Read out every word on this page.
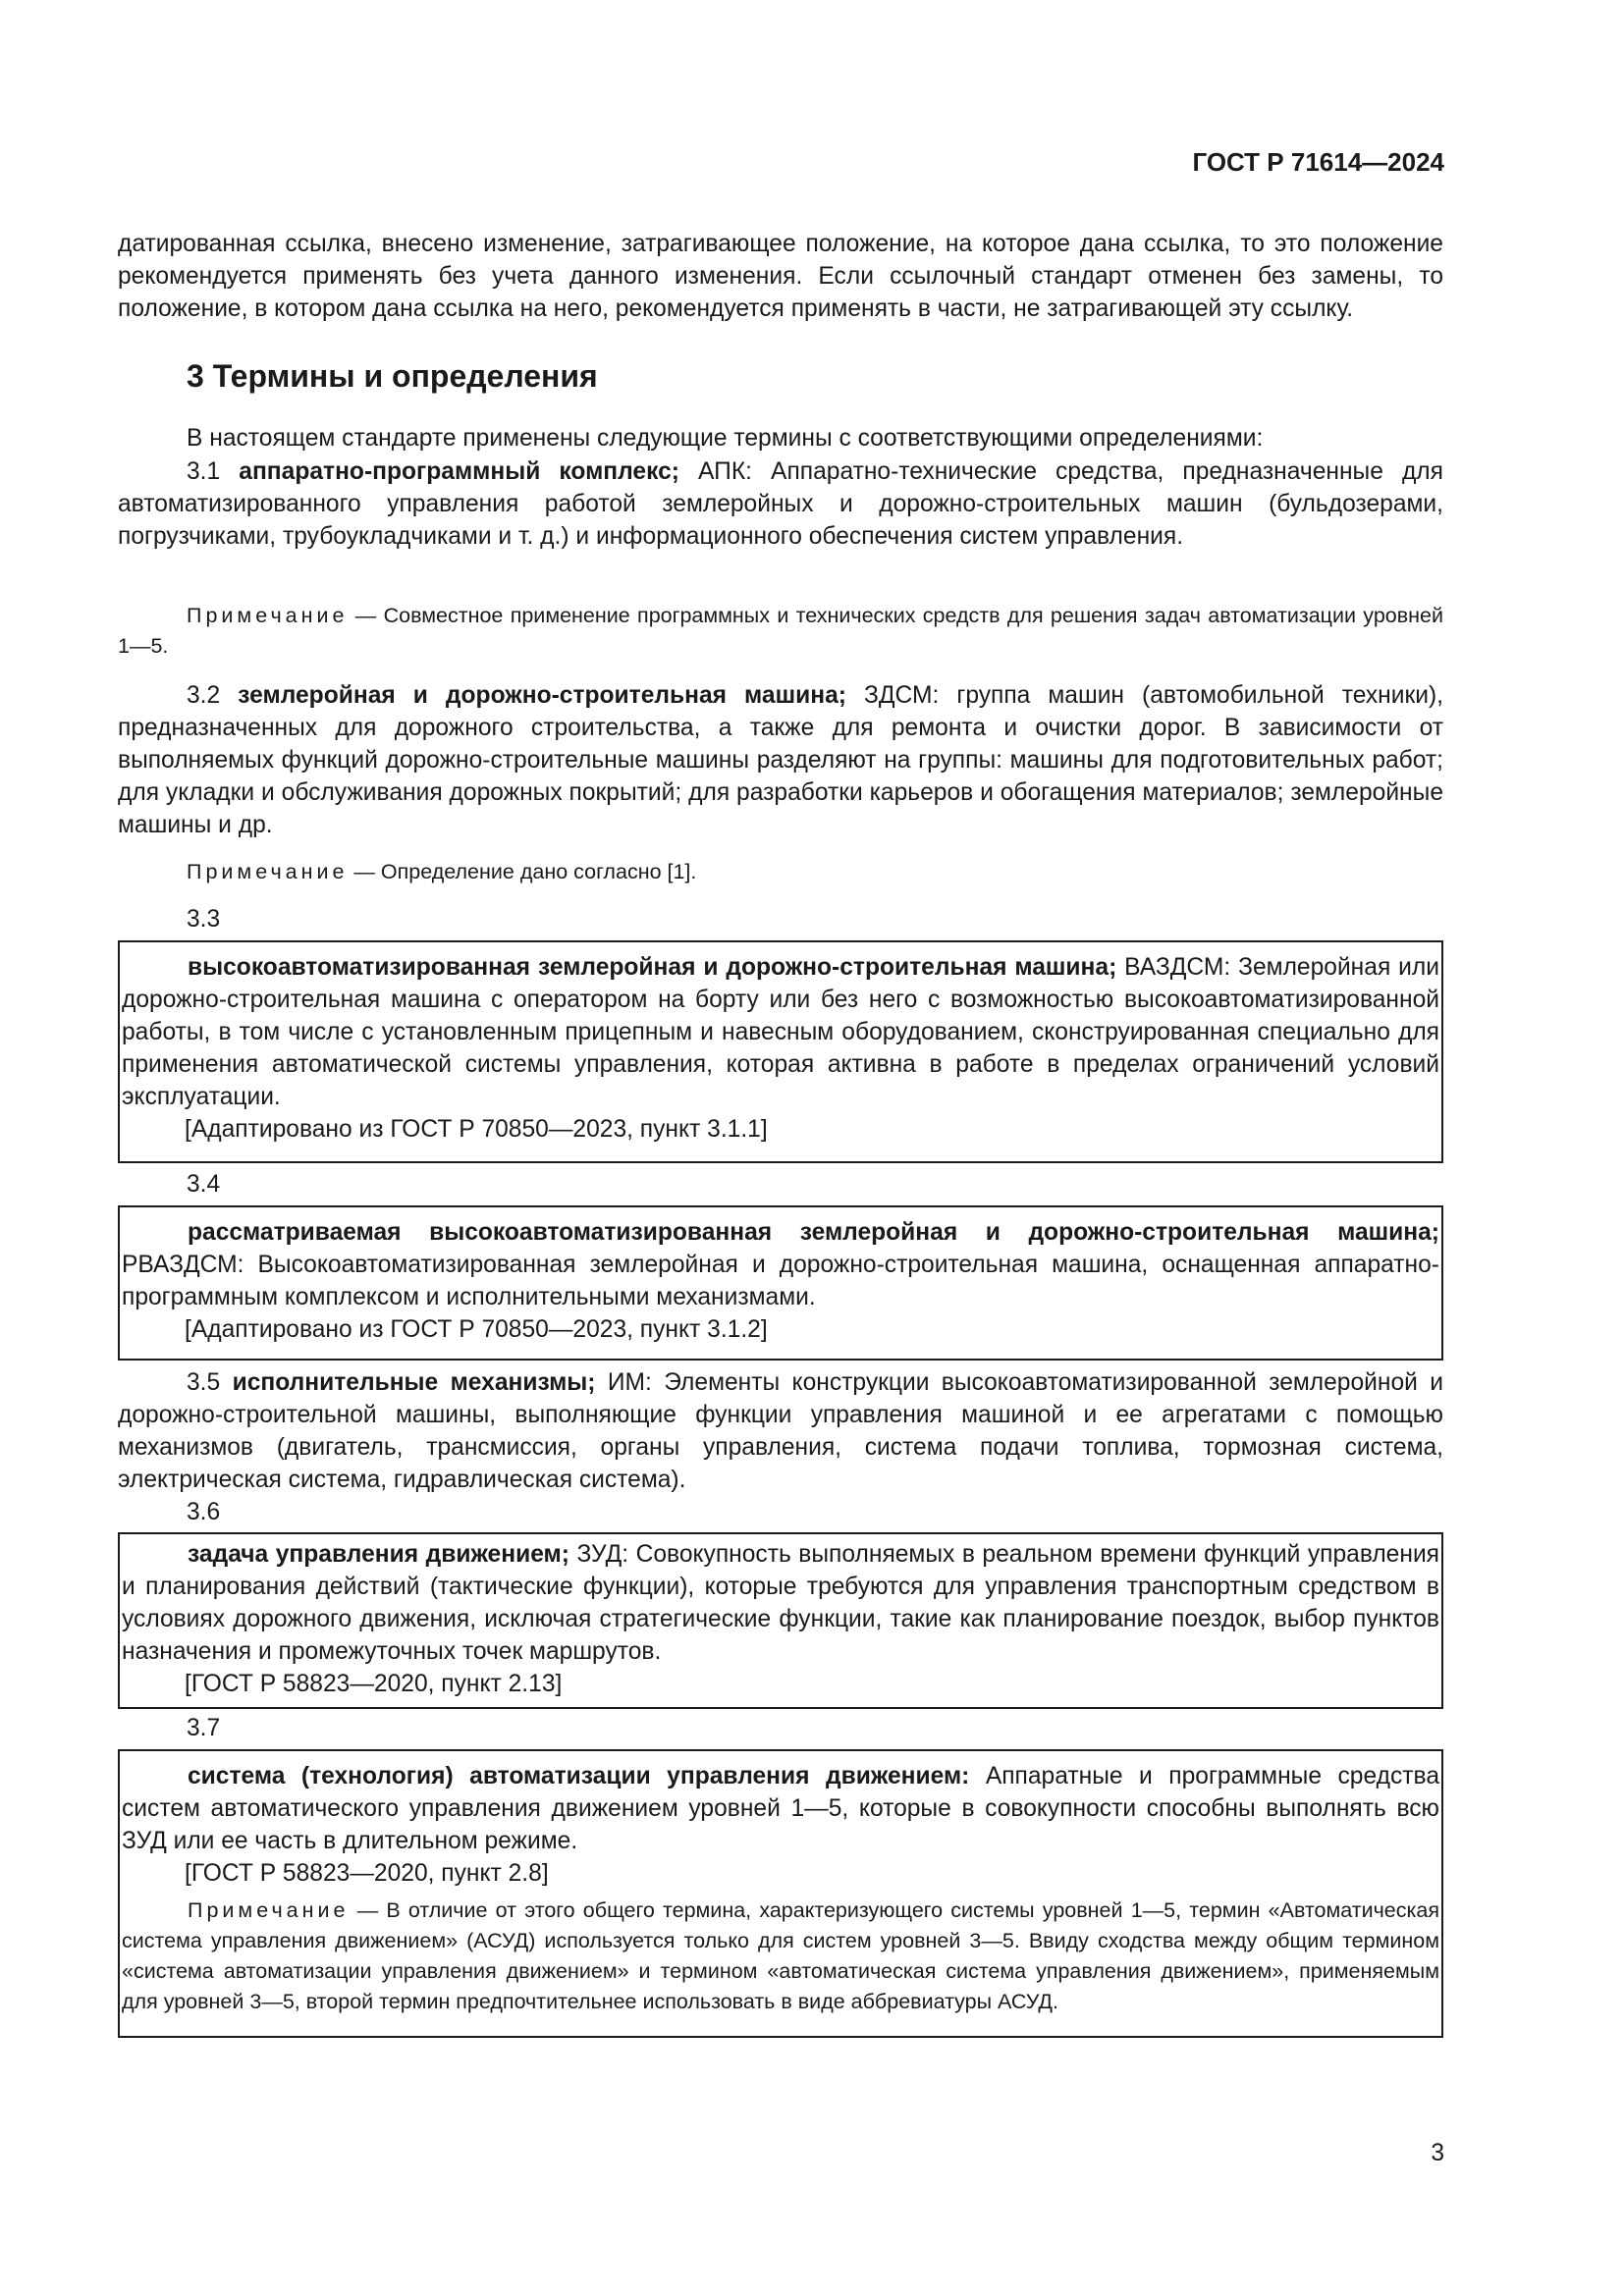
ГОСТ Р 71614—2024

датированная ссылка, внесено изменение, затрагивающее положение, на которое дана ссылка, то это положение рекомендуется применять без учета данного изменения. Если ссылочный стандарт отменен без замены, то положение, в котором дана ссылка на него, рекомендуется применять в части, не затрагивающей эту ссылку.

3 Термины и определения

В настоящем стандарте применены следующие термины с соответствующими определениями:

3.1 аппаратно-программный комплекс; АПК: Аппаратно-технические средства, предназначенные для автоматизированного управления работой землеройных и дорожно-строительных машин (бульдозерами, погрузчиками, трубоукладчиками и т. д.) и информационного обеспечения систем управления.

Примечание — Совместное применение программных и технических средств для решения задач автоматизации уровней 1—5.

3.2 землеройная и дорожно-строительная машина; ЗДСМ: группа машин (автомобильной техники), предназначенных для дорожного строительства, а также для ремонта и очистки дорог. В зависимости от выполняемых функций дорожно-строительные машины разделяют на группы: машины для подготовительных работ; для укладки и обслуживания дорожных покрытий; для разработки карьеров и обогащения материалов; землеройные машины и др.

Примечание — Определение дано согласно [1].

3.3

высокоавтоматизированная землеройная и дорожно-строительная машина; ВАЗДСМ: Землеройная или дорожно-строительная машина с оператором на борту или без него с возможностью высокоавтоматизированной работы, в том числе с установленным прицепным и навесным оборудованием, сконструированная специально для применения автоматической системы управления, которая активна в работе в пределах ограничений условий эксплуатации.

[Адаптировано из ГОСТ Р 70850—2023, пункт 3.1.1]

3.4

рассматриваемая высокоавтоматизированная землеройная и дорожно-строительная машина; РВАЗДСМ: Высокоавтоматизированная землеройная и дорожно-строительная машина, оснащенная аппаратно-программным комплексом и исполнительными механизмами.

[Адаптировано из ГОСТ Р 70850—2023, пункт 3.1.2]

3.5 исполнительные механизмы; ИМ: Элементы конструкции высокоавтоматизированной землеройной и дорожно-строительной машины, выполняющие функции управления машиной и ее агрегатами с помощью механизмов (двигатель, трансмиссия, органы управления, система подачи топлива, тормозная система, электрическая система, гидравлическая система).

3.6

задача управления движением; ЗУД: Совокупность выполняемых в реальном времени функций управления и планирования действий (тактические функции), которые требуются для управления транспортным средством в условиях дорожного движения, исключая стратегические функции, такие как планирование поездок, выбор пунктов назначения и промежуточных точек маршрутов.

[ГОСТ Р 58823—2020, пункт 2.13]

3.7

система (технология) автоматизации управления движением: Аппаратные и программные средства систем автоматического управления движением уровней 1—5, которые в совокупности способны выполнять всю ЗУД или ее часть в длительном режиме.

[ГОСТ Р 58823—2020, пункт 2.8]

Примечание — В отличие от этого общего термина, характеризующего системы уровней 1—5, термин «Автоматическая система управления движением» (АСУД) используется только для систем уровней 3—5. Ввиду сходства между общим термином «система автоматизации управления движением» и термином «автоматическая система управления движением», применяемым для уровней 3—5, второй термин предпочтительнее использовать в виде аббревиатуры АСУД.

3
